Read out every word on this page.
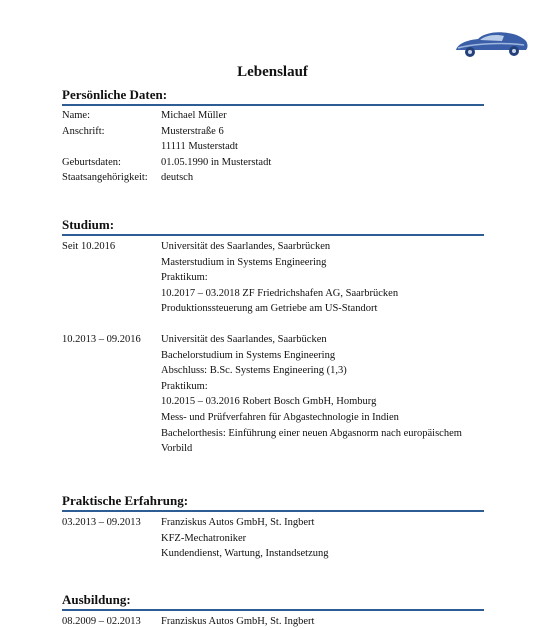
Lebenslauf
Persönliche Daten:
Name:	Michael Müller
Anschrift:	Musterstraße 6
11111 Musterstadt
Geburtsdaten:	01.05.1990 in Musterstadt
Staatsangehörigkeit:	deutsch
Studium:
Seit 10.2016	Universität des Saarlandes, Saarbrücken
Masterstudium in Systems Engineering
Praktikum:
10.2017 – 03.2018 ZF Friedrichshafen AG, Saarbrücken
Produktionssteuerung am Getriebe am US-Standort
10.2013 – 09.2016	Universität des Saarlandes, Saarbücken
Bachelorstudium in Systems Engineering
Abschluss: B.Sc. Systems Engineering (1,3)
Praktikum:
10.2015 – 03.2016 Robert Bosch GmbH, Homburg
Mess- und Prüfverfahren für Abgastechnologie in Indien
Bachelorthesis: Einführung einer neuen Abgasnorm nach europäischem
Vorbild
Praktische Erfahrung:
03.2013 – 09.2013	Franziskus Autos GmbH, St. Ingbert
KFZ-Mechatroniker
Kundendienst, Wartung, Instandsetzung
Ausbildung:
08.2009 – 02.2013	Franziskus Autos GmbH, St. Ingbert
